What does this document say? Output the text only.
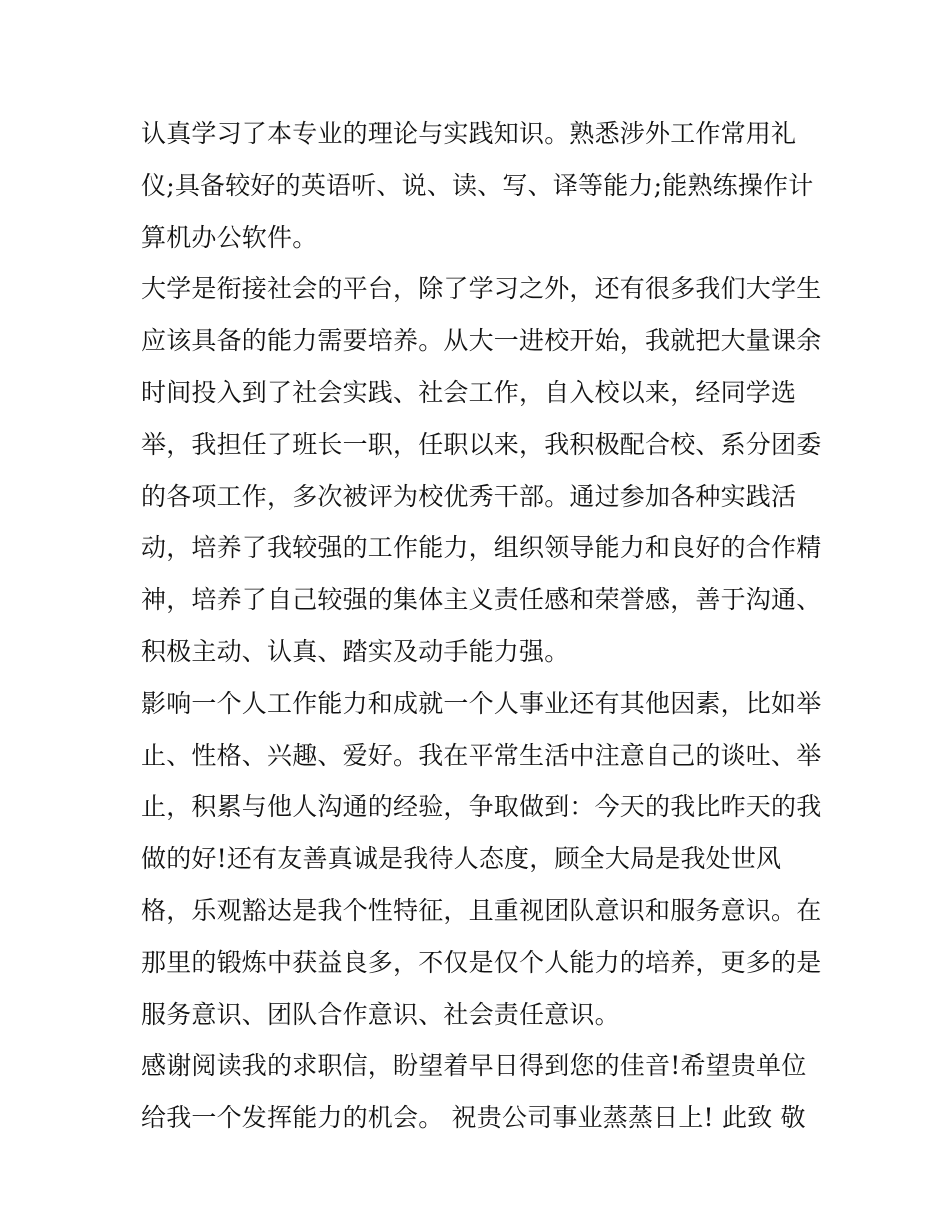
认真学习了本专业的理论与实践知识。熟悉涉外工作常用礼
仪;具备较好的英语听、说、读、写、译等能力;能熟练操作计
算机办公软件。
大学是衔接社会的平台，除了学习之外，还有很多我们大学生
应该具备的能力需要培养。从大一进校开始，我就把大量课余
时间投入到了社会实践、社会工作，自入校以来，经同学选
举，我担任了班长一职，任职以来，我积极配合校、系分团委
的各项工作，多次被评为校优秀干部。通过参加各种实践活
动，培养了我较强的工作能力，组织领导能力和良好的合作精
神，培养了自己较强的集体主义责任感和荣誉感，善于沟通、
积极主动、认真、踏实及动手能力强。
影响一个人工作能力和成就一个人事业还有其他因素，比如举
止、性格、兴趣、爱好。我在平常生活中注意自己的谈吐、举
止，积累与他人沟通的经验，争取做到：今天的我比昨天的我
做的好!还有友善真诚是我待人态度，顾全大局是我处世风
格，乐观豁达是我个性特征，且重视团队意识和服务意识。在
那里的锻炼中获益良多，不仅是仅个人能力的培养，更多的是
服务意识、团队合作意识、社会责任意识。
感谢阅读我的求职信，盼望着早日得到您的佳音!希望贵单位
给我一个发挥能力的机会。 祝贵公司事业蒸蒸日上! 此致 敬
